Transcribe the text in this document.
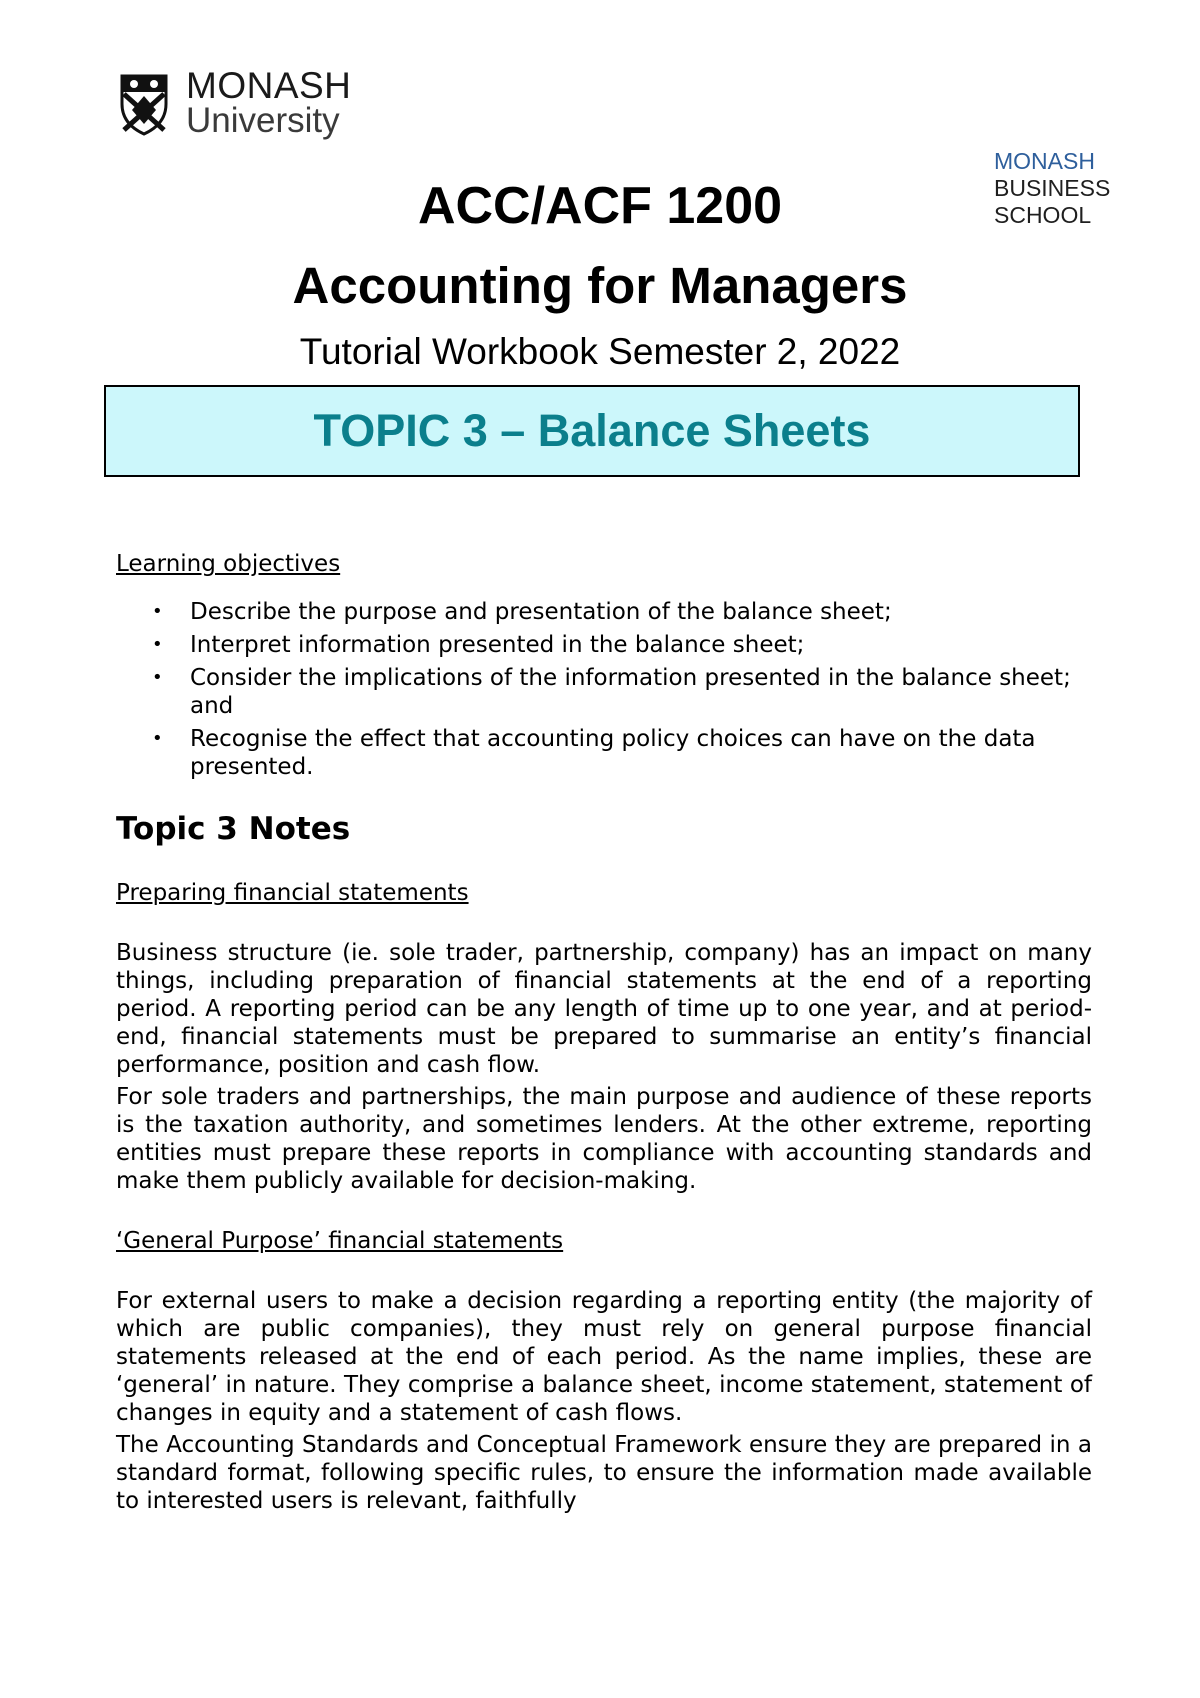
MONASH
University
MONASH
BUSINESS
SCHOOL
ACC/ACF 1200
Accounting for Managers
Tutorial Workbook Semester 2, 2022
TOPIC 3 – Balance Sheets
Learning objectives
• Describe the purpose and presentation of the balance sheet;
• Interpret information presented in the balance sheet;
• Consider the implications of the information presented in the balance sheet; and
• Recognise the effect that accounting policy choices can have on the data presented.
Topic 3 Notes
Preparing financial statements

Business structure (ie. sole trader, partnership, company) has an impact on many things, including preparation of financial statements at the end of a reporting period. A reporting period can be any length of time up to one year, and at period-end, financial statements must be prepared to summarise an entity’s financial performance, position and cash flow.

For sole traders and partnerships, the main purpose and audience of these reports is the taxation authority, and sometimes lenders. At the other extreme, reporting entities must prepare these reports in compliance with accounting standards and make them publicly available for decision-making.

‘General Purpose’ financial statements

For external users to make a decision regarding a reporting entity (the majority of which are public companies), they must rely on general purpose financial statements released at the end of each period. As the name implies, these are ‘general’ in nature. They comprise a balance sheet, income statement, statement of changes in equity and a statement of cash flows.

The Accounting Standards and Conceptual Framework ensure they are prepared in a standard format, following specific rules, to ensure the information made available to interested users is relevant, faithfully
